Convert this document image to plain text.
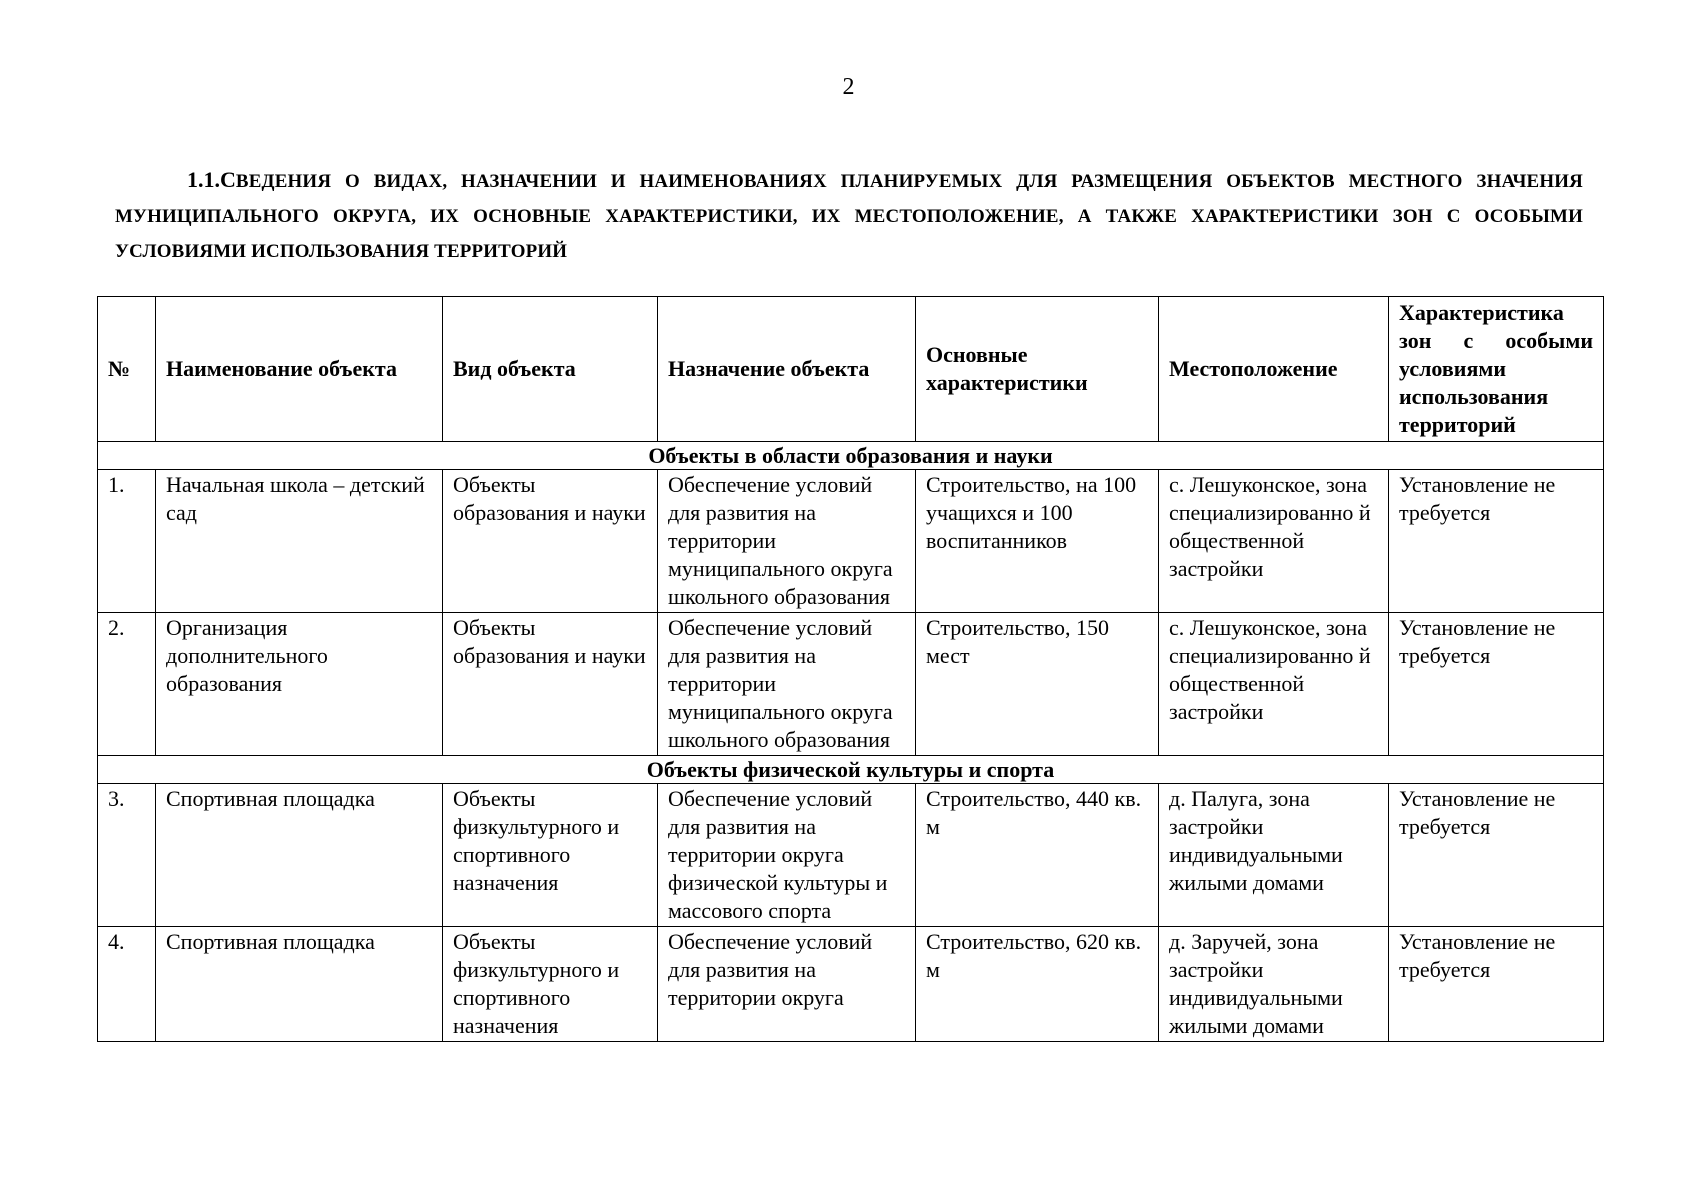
2
1.1.СВЕДЕНИЯ О ВИДАХ, НАЗНАЧЕНИИ И НАИМЕНОВАНИЯХ ПЛАНИРУЕМЫХ ДЛЯ РАЗМЕЩЕНИЯ ОБЪЕКТОВ МЕСТНОГО ЗНАЧЕНИЯ МУНИЦИПАЛЬНОГО ОКРУГА, ИХ ОСНОВНЫЕ ХАРАКТЕРИСТИКИ, ИХ МЕСТОПОЛОЖЕНИЕ, А ТАКЖЕ ХАРАКТЕРИСТИКИ ЗОН С ОСОБЫМИ УСЛОВИЯМИ ИСПОЛЬЗОВАНИЯ ТЕРРИТОРИЙ
№	Наименование объекта	Вид объекта	Назначение объекта	Основные характеристики	Местоположение	Характеристика зон с особыми условиями использования территорий
Объекты в области образования и науки						
1.	Начальная школа – детский сад	Объекты образования и науки	Обеспечение условий для развития на территории муниципального округа школьного образования	Строительство, на 100 учащихся и 100 воспитанников	с. Лешуконское, зона специализированно й общественной застройки	Установление не требуется
2.	Организация дополнительного образования	Объекты образования и науки	Обеспечение условий для развития на территории муниципального округа школьного образования	Строительство, 150 мест	с. Лешуконское, зона специализированно й общественной застройки	Установление не требуется
Объекты физической культуры и спорта						
3.	Спортивная площадка	Объекты физкультурного и спортивного назначения	Обеспечение условий для развития на территории округа физической культуры и массового спорта	Строительство, 440 кв. м	д. Палуга, зона застройки индивидуальными жилыми домами	Установление не требуется
4.	Спортивная площадка	Объекты физкультурного и спортивного назначения	Обеспечение условий для развития на территории округа	Строительство, 620 кв. м	д. Заручей, зона застройки индивидуальными жилыми домами	Установление не требуется
